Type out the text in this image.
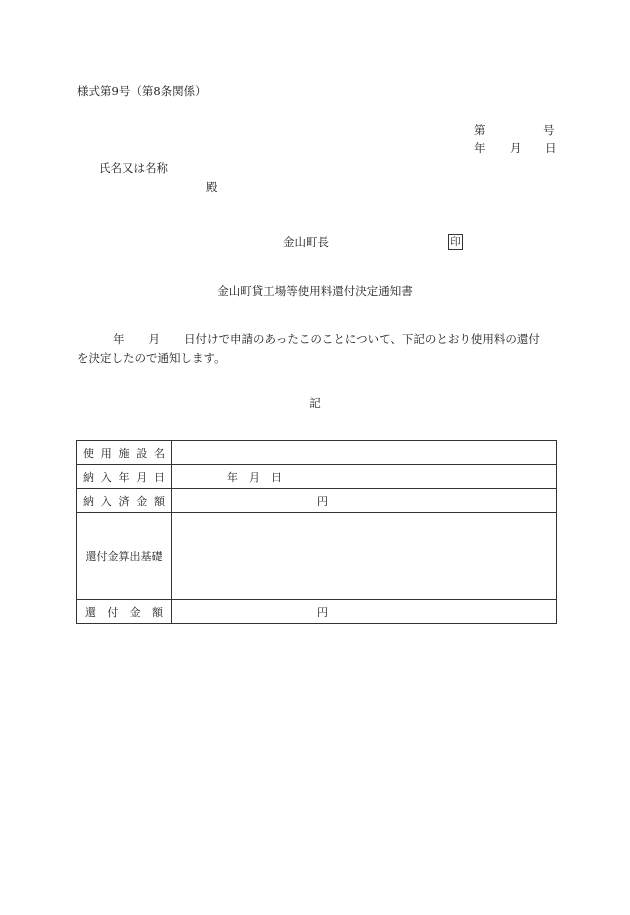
様式第9号（第8条関係）
第	号
年 月 日
氏名又は名称
殿
金山町長	印
金山町貸工場等使用料還付決定通知書
年 月 日付けで申請のあったこのことについて、下記のとおり使用料の還付
を決定したので通知します。
記
使用施設名	
納入年月日	年　月　日
納入済金額	円
還付金算出基礎	
還付金額	円
